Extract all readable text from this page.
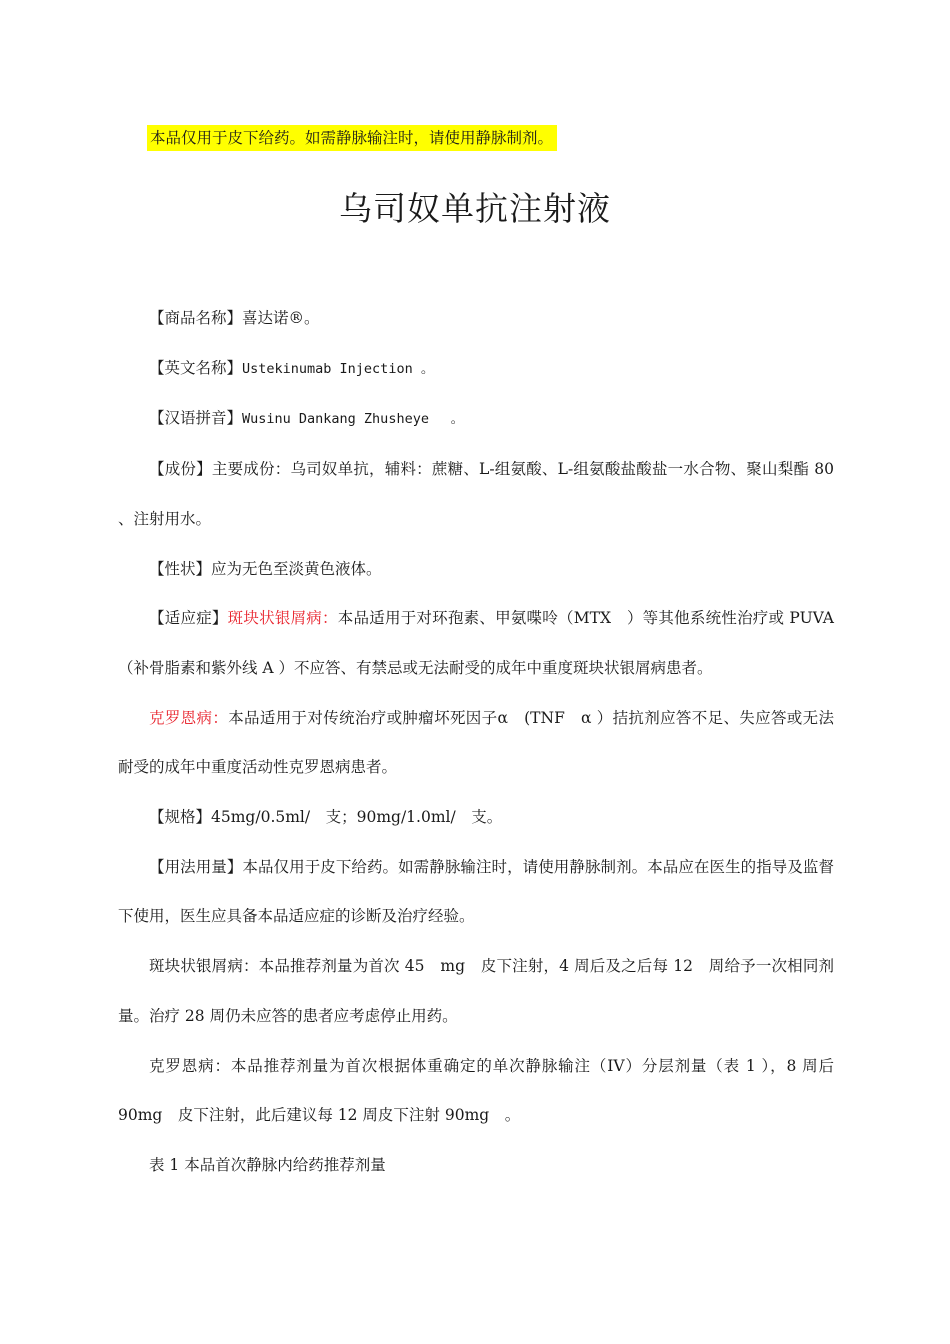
本品仅用于皮下给药。如需静脉输注时，请使用静脉制剂。
乌司奴单抗注射液

【商品名称】喜达诺®。

【英文名称】Ustekinumab Injection 。

【汉语拼音】Wusinu Dankang Zhusheye　 。

【成份】主要成份：乌司奴单抗，辅料：蔗糖、L-组氨酸、L-组氨酸盐酸盐一水合物、聚山梨酯 80 、注射用水。

【性状】应为无色至淡黄色液体。

【适应症】斑块状银屑病：本品适用于对环孢素、甲氨喋呤（MTX　）等其他系统性治疗或 PUVA （补骨脂素和紫外线 A ）不应答、有禁忌或无法耐受的成年中重度斑块状银屑病患者。

克罗恩病：本品适用于对传统治疗或肿瘤坏死因子α　(TNF　α ）拮抗剂应答不足、失应答或无法耐受的成年中重度活动性克罗恩病患者。

【规格】45mg/0.5ml/　支；90mg/1.0ml/　支。

【用法用量】本品仅用于皮下给药。如需静脉输注时，请使用静脉制剂。本品应在医生的指导及监督下使用，医生应具备本品适应症的诊断及治疗经验。

斑块状银屑病：本品推荐剂量为首次 45　mg　皮下注射，4 周后及之后每 12　周给予一次相同剂量。治疗 28 周仍未应答的患者应考虑停止用药。

克罗恩病：本品推荐剂量为首次根据体重确定的单次静脉输注（IV）分层剂量（表 1 ），8 周后 90mg　皮下注射，此后建议每 12 周皮下注射 90mg　。

表 1 本品首次静脉内给药推荐剂量
